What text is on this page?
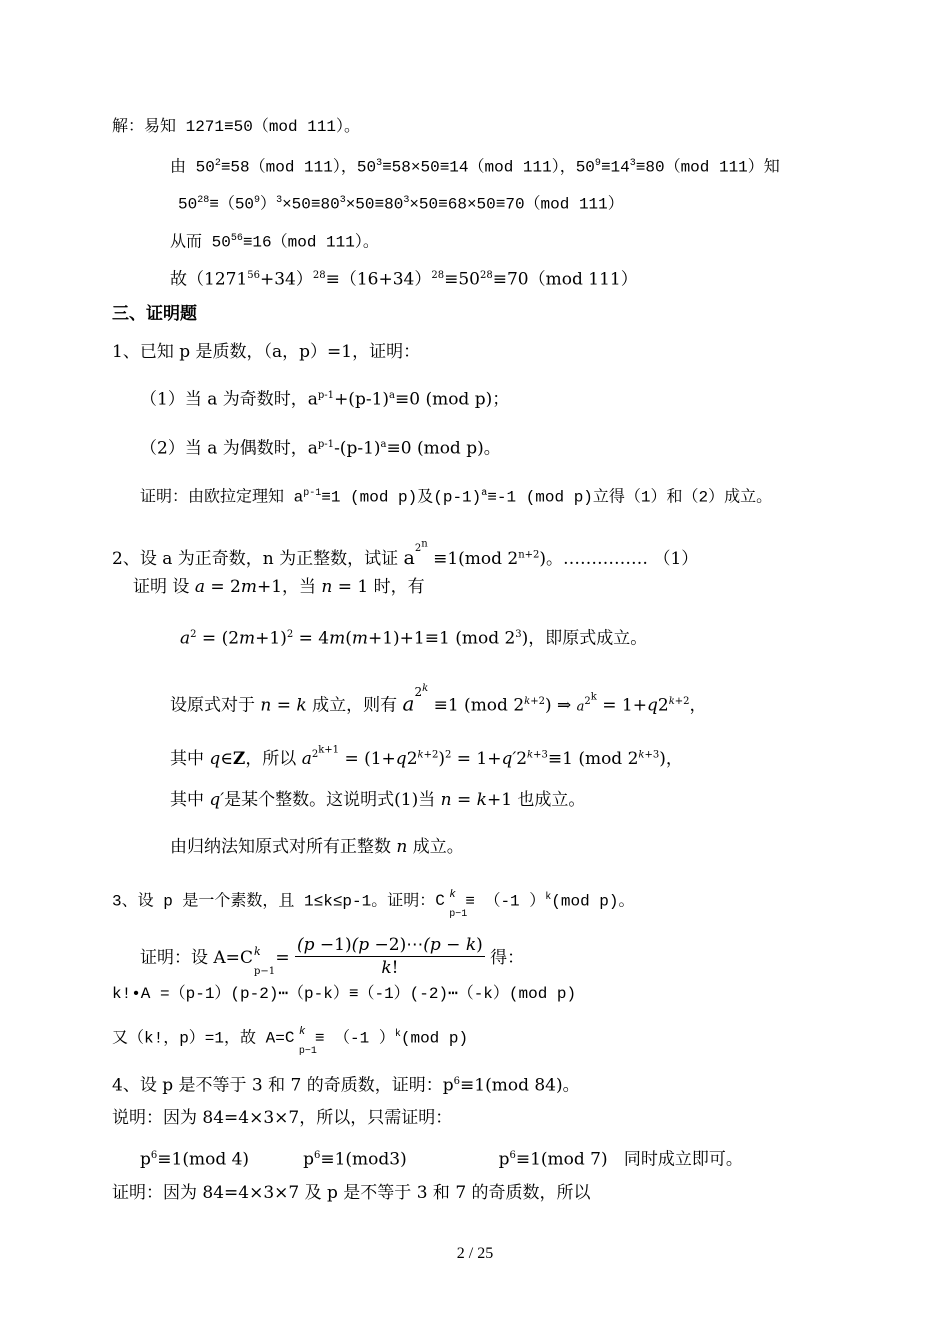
解：易知 1271≡50（mod 111）。
由 $50^2\equiv 58(mod$ 111），$50^3\equiv 58\times 50\equiv 14(mod$ 111），$50^9\equiv 14^3\equiv 80(mod$ 111）知
$50^{28}\equiv(50^9)^3\times 50\equiv 80^3\times 50\equiv 80^3\times 50\equiv 68\times 50\equiv 70(mod$ 111）
从而 $50^{56}\equiv 16(mod$ 111）。
故$(1271^{56}+34)^{28}\equiv(16+34)^{28}\equiv 50^{28}\equiv 70(mod$ 111）
三、证明题
1、已知 p 是质数，（a，p）=1，证明：
（1）当 a 为奇数时，$a^{p-1}+(p-1)^a\equiv 0$ (mod p)；
（2）当 a 为偶数时，$a^{p-1}-(p-1)^a\equiv 0$ (mod p)。
证明：由欧拉定理知 $a^{p-1}\equiv 1$ (mod p)及$(p-1)^a\equiv-1$ (mod p)立得（1）和（2）成立。
2、设 a 为正奇数，n 为正整数，试证 $a^{2^n} \equiv 1(mod$ $2^{n+2}$)。…………… （1）
证明 设 a = 2m+1，当 n = 1 时，有
$a^2 = (2m+1)^2 = 4m(m+1)+1\equiv 1$ (mod $2^3$)，即原式成立。
设原式对于 n = k 成立，则有 $a^{2^k} \equiv 1$ (mod $2^{k+2}$) ⇒ $a^{2^k} = 1+q2^{k+2}$，
其中 q∈Z，所以 $a^{2^{k+1}} = (1+q2^{k+2})^2 = 1+q'2^{k+3}\equiv 1$ (mod $2^{k+3}$)，
其中 q′是某个整数。这说明式(1)当 n = k+1 也成立。
由归纳法知原式对所有正整数 n 成立。
3、设 p 是一个素数，且 1≤k≤p-1。证明：C k
p−1
≡ （-1 ）$^k$(mod p)。
证明：设 A=C k
p−1
= $\frac{(p -1)(p -2)\cdots(p - k)}{k!}$ 得：
k!•A =（p-1）(p-2)⋯（p-k）≡（-1）(-2)⋯（-k）(mod p)
又（k!，p）=1，故 A=C k
p−1
≡ （-1 ）$^k$(mod p)
4、设 p 是不等于 3 和 7 的奇质数，证明：$p^6\equiv 1(mod$ 84)。
说明：因为 84=4×3×7，所以，只需证明：
$p^6\equiv 1(mod$ 4)          $p^6\equiv 1(mod3)$                 $p^6\equiv 1(mod$ 7)   同时成立即可。
证明：因为 84=4×3×7 及 p 是不等于 3 和 7 的奇质数，所以
2 / 25
